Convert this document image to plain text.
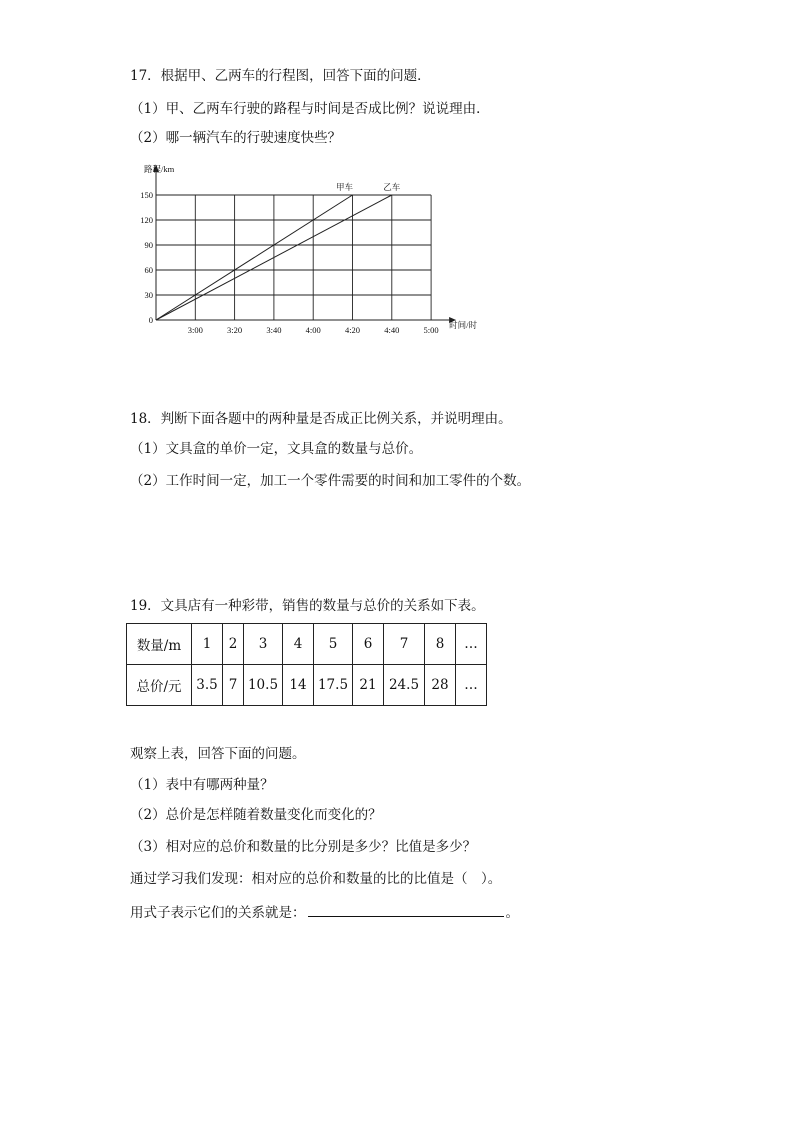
17．根据甲、乙两车的行程图，回答下面的问题．
（1）甲、乙两车行驶的路程与时间是否成比例？说说理由．
（2）哪一辆汽车的行驶速度快些？
0
30
60
90
120
150
3:00	3:20	3:40	4:00	4:20	4:40	5:00
路程/km
时间/时
甲车	乙车
18．判断下面各题中的两种量是否成正比例关系，并说明理由。
（1）文具盒的单价一定，文具盒的数量与总价。
（2）工作时间一定，加工一个零件需要的时间和加工零件的个数。
19．文具店有一种彩带，销售的数量与总价的关系如下表。
数量/m	1	2	3	4	5	6	7	8	…
总价/元	3.5	7	10.5	14	17.5	21	24.5	28	…
观察上表，回答下面的问题。
（1）表中有哪两种量？
（2）总价是怎样随着数量变化而变化的？
（3）相对应的总价和数量的比分别是多少？比值是多少？
通过学习我们发现：相对应的总价和数量的比的比值是（　）。
用式子表示它们的关系就是：	。
